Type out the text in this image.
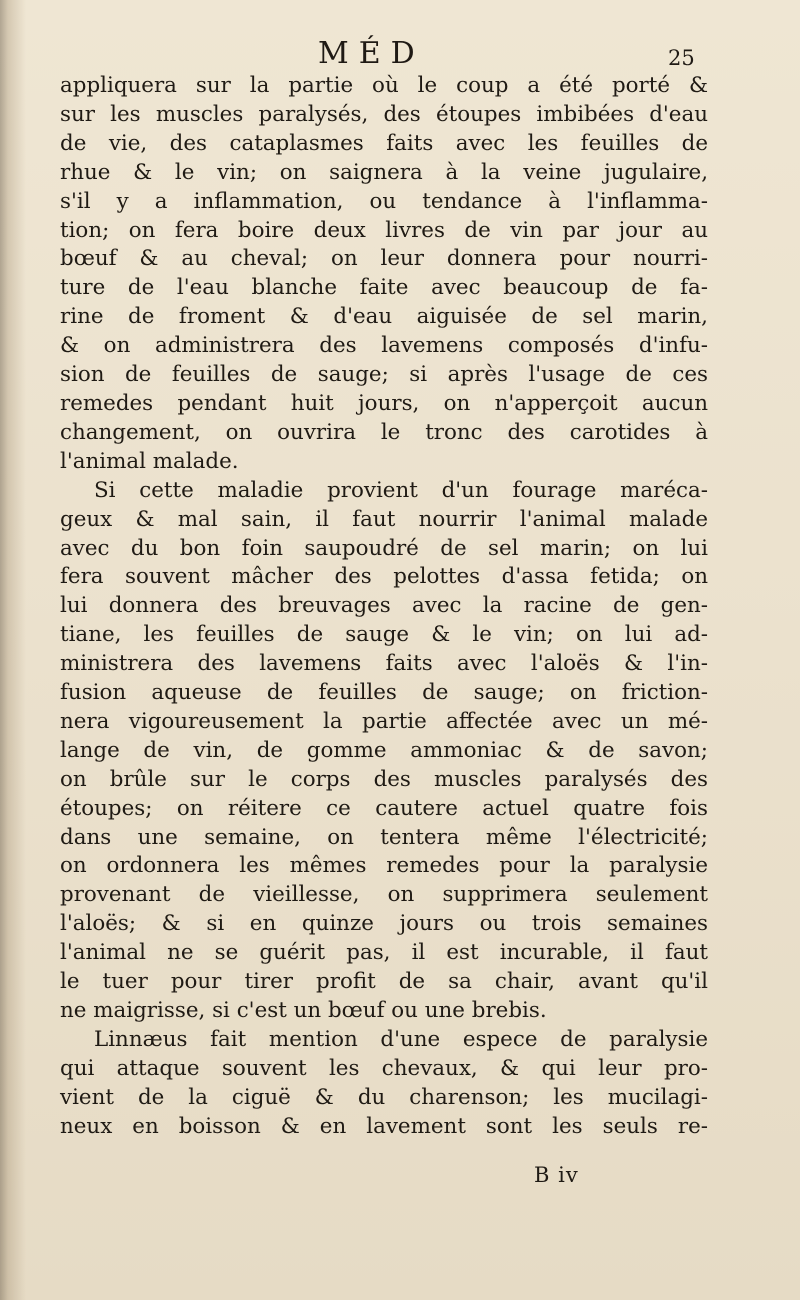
MÉD	25

appliquera sur la partie où le coup a été porté &
sur les muscles paralysés, des étoupes imbibées d'eau
de vie, des cataplasmes faits avec les feuilles de
rhue & le vin; on saignera à la veine jugulaire,
s'il y a inflammation, ou tendance à l'inflamma-
tion; on fera boire deux livres de vin par jour au
bœuf & au cheval; on leur donnera pour nourri-
ture de l'eau blanche faite avec beaucoup de fa-
rine de froment & d'eau aiguisée de sel marin,
& on administrera des lavemens composés d'infu-
sion de feuilles de sauge; si après l'usage de ces
remedes pendant huit jours, on n'apperçoit aucun
changement, on ouvrira le tronc des carotides à
l'animal malade.

Si cette maladie provient d'un fourage maréca-
geux & mal sain, il faut nourrir l'animal malade
avec du bon foin saupoudré de sel marin; on lui
fera souvent mâcher des pelottes d'assa fetida; on
lui donnera des breuvages avec la racine de gen-
tiane, les feuilles de sauge & le vin; on lui ad-
ministrera des lavemens faits avec l'aloës & l'in-
fusion aqueuse de feuilles de sauge; on friction-
nera vigoureusement la partie affectée avec un mé-
lange de vin, de gomme ammoniac & de savon;
on brûle sur le corps des muscles paralysés des
étoupes; on réitere ce cautere actuel quatre fois
dans une semaine, on tentera même l'électricité;
on ordonnera les mêmes remedes pour la paralysie
provenant de vieillesse, on supprimera seulement
l'aloës; & si en quinze jours ou trois semaines
l'animal ne se guérit pas, il est incurable, il faut
le tuer pour tirer profit de sa chair, avant qu'il
ne maigrisse, si c'est un bœuf ou une brebis.

Linnæus fait mention d'une espece de paralysie
qui attaque souvent les chevaux, & qui leur pro-
vient de la ciguë & du charenson; les mucilagi-
neux en boisson & en lavement sont les seuls re-

B iv
